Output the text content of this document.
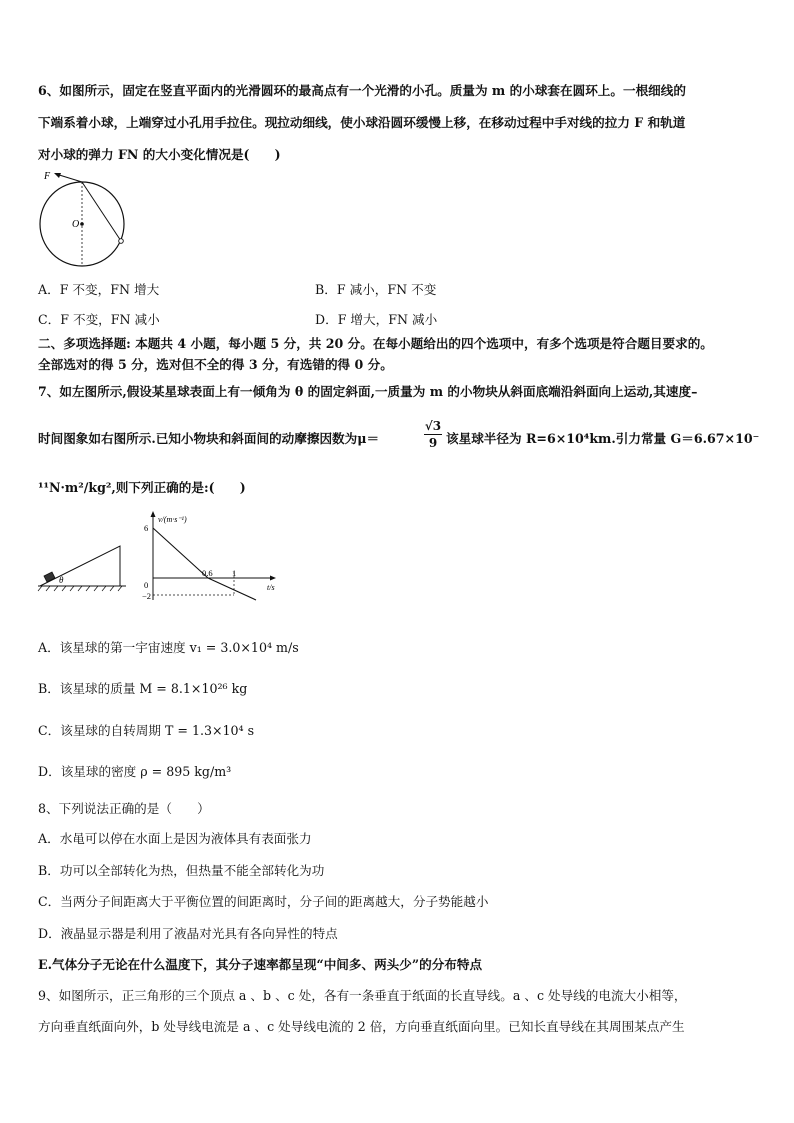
6、如图所示，固定在竖直平面内的光滑圆环的最高点有一个光滑的小孔。质量为 m 的小球套在圆环上。一根细线的
下端系着小球，上端穿过小孔用手拉住。现拉动细线，使小球沿圆环缓慢上移，在移动过程中手对线的拉力 F 和轨道
对小球的弹力 FN 的大小变化情况是(　　)
F
O
A．F 不变，FN 增大	B．F 减小，FN 不变
C．F 不变，FN 减小	D．F 增大，FN 减小
二、多项选择题: 本题共 4 小题，每小题 5 分，共 20 分。在每小题给出的四个选项中，有多个选项是符合题目要求的。
全部选对的得 5 分，选对但不全的得 3 分，有选错的得 0 分。
7、如左图所示,假设某星球表面上有一倾角为 θ 的固定斜面,一质量为 m 的小物块从斜面底端沿斜面向上运动,其速度–
时间图象如右图所示.已知小物块和斜面间的动摩擦因数为μ＝	$\frac{√3}{9}$ 该星球半径为 R=6×10⁴km.引力常量 G＝6.67×10⁻
¹¹N·m²/kg²,则下列正确的是:(　　)
θ
v/(m·s⁻¹)
t/s
6
0
−2
0.6 1
A．该星球的第一宇宙速度 v₁ = 3.0×10⁴ m/s
B．该星球的质量 M = 8.1×10²⁶ kg
C．该星球的自转周期 T = 1.3×10⁴ s
D．该星球的密度 ρ = 895 kg/m³
8、下列说法正确的是（　　）
A．水黾可以停在水面上是因为液体具有表面张力
B．功可以全部转化为热，但热量不能全部转化为功
C．当两分子间距离大于平衡位置的间距离时，分子间的距离越大，分子势能越小
D．液晶显示器是利用了液晶对光具有各向异性的特点
E.气体分子无论在什么温度下，其分子速率都呈现“中间多、两头少”的分布特点
9、如图所示，正三角形的三个顶点 a 、b 、c 处，各有一条垂直于纸面的长直导线。a 、c 处导线的电流大小相等，
方向垂直纸面向外，b 处导线电流是 a 、c 处导线电流的 2 倍，方向垂直纸面向里。已知长直导线在其周围某点产生
